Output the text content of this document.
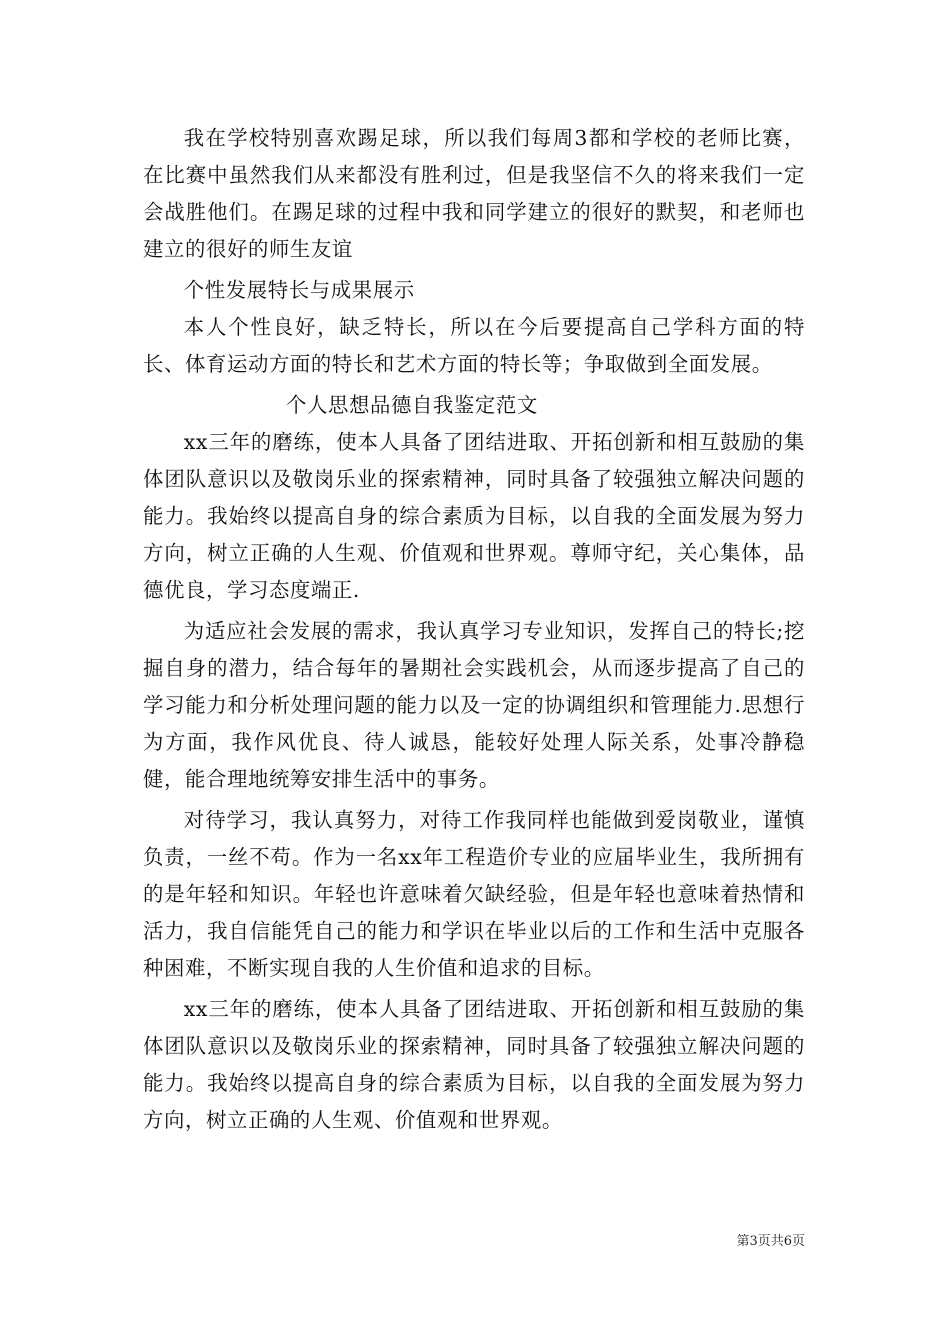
我在学校特别喜欢踢足球，所以我们每周3都和学校的老师比赛，在比赛中虽然我们从来都没有胜利过，但是我坚信不久的将来我们一定会战胜他们。在踢足球的过程中我和同学建立的很好的默契，和老师也建立的很好的师生友谊

个性发展特长与成果展示

本人个性良好，缺乏特长，所以在今后要提高自己学科方面的特长、体育运动方面的特长和艺术方面的特长等；争取做到全面发展。

个人思想品德自我鉴定范文

xx三年的磨练，使本人具备了团结进取、开拓创新和相互鼓励的集体团队意识以及敬岗乐业的探索精神，同时具备了较强独立解决问题的能力。我始终以提高自身的综合素质为目标，以自我的全面发展为努力方向，树立正确的人生观、价值观和世界观。尊师守纪，关心集体，品德优良，学习态度端正.

为适应社会发展的需求，我认真学习专业知识，发挥自己的特长;挖掘自身的潜力，结合每年的暑期社会实践机会，从而逐步提高了自己的学习能力和分析处理问题的能力以及一定的协调组织和管理能力.思想行为方面，我作风优良、待人诚恳，能较好处理人际关系，处事冷静稳健，能合理地统筹安排生活中的事务。

对待学习，我认真努力，对待工作我同样也能做到爱岗敬业，谨慎负责，一丝不苟。作为一名xx年工程造价专业的应届毕业生，我所拥有的是年轻和知识。年轻也许意味着欠缺经验，但是年轻也意味着热情和活力，我自信能凭自己的能力和学识在毕业以后的工作和生活中克服各种困难，不断实现自我的人生价值和追求的目标。

xx三年的磨练，使本人具备了团结进取、开拓创新和相互鼓励的集体团队意识以及敬岗乐业的探索精神，同时具备了较强独立解决问题的能力。我始终以提高自身的综合素质为目标，以自我的全面发展为努力方向，树立正确的人生观、价值观和世界观。

第3页共6页
